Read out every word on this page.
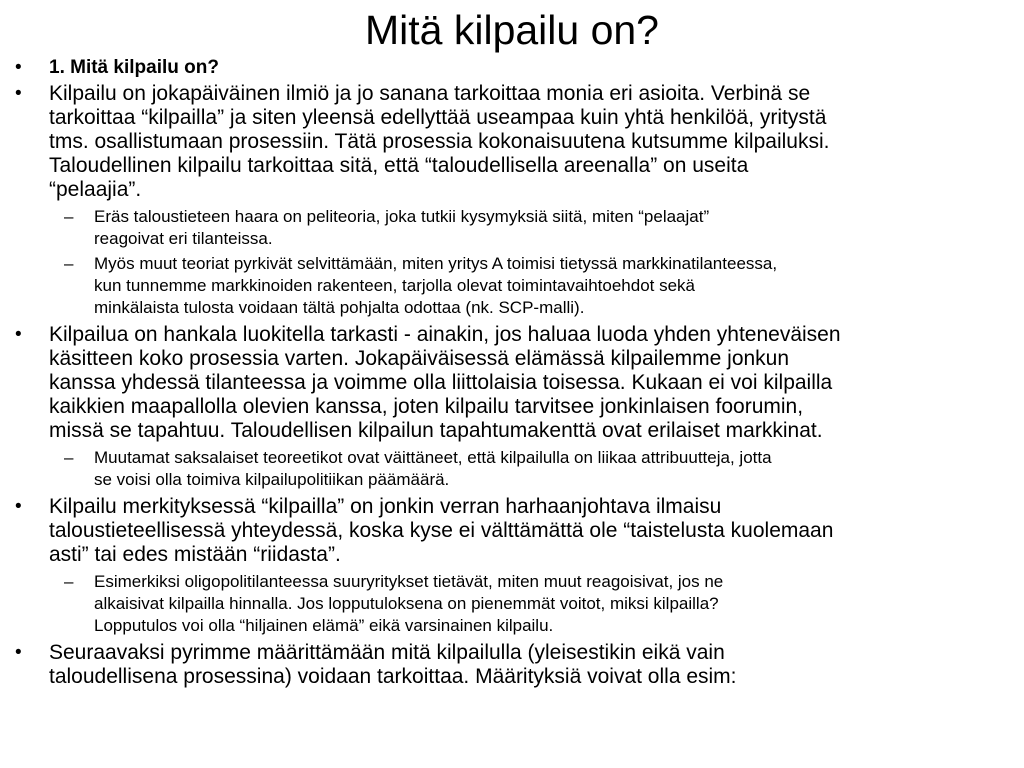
Mitä kilpailu on?
• 1. Mitä kilpailu on?
• Kilpailu on jokapäiväinen ilmiö ja jo sanana tarkoittaa monia eri asioita. Verbinä se
tarkoittaa “kilpailla” ja siten yleensä edellyttää useampaa kuin yhtä henkilöä, yritystä
tms. osallistumaan prosessiin. Tätä prosessia kokonaisuutena kutsumme kilpailuksi.
Taloudellinen kilpailu tarkoittaa sitä, että “taloudellisella areenalla” on useita
“pelaajia”.
– Eräs taloustieteen haara on peliteoria, joka tutkii kysymyksiä siitä, miten “pelaajat”
reagoivat eri tilanteissa.
– Myös muut teoriat pyrkivät selvittämään, miten yritys A toimisi tietyssä markkinatilanteessa,
kun tunnemme markkinoiden rakenteen, tarjolla olevat toimintavaihtoehdot sekä
minkälaista tulosta voidaan tältä pohjalta odottaa (nk. SCP-malli).
• Kilpailua on hankala luokitella tarkasti - ainakin, jos haluaa luoda yhden yhteneväisen
käsitteen koko prosessia varten. Jokapäiväisessä elämässä kilpailemme jonkun
kanssa yhdessä tilanteessa ja voimme olla liittolaisia toisessa. Kukaan ei voi kilpailla
kaikkien maapallolla olevien kanssa, joten kilpailu tarvitsee jonkinlaisen foorumin,
missä se tapahtuu. Taloudellisen kilpailun tapahtumakenttä ovat erilaiset markkinat.
– Muutamat saksalaiset teoreetikot ovat väittäneet, että kilpailulla on liikaa attribuutteja, jotta
se voisi olla toimiva kilpailupolitiikan päämäärä.
• Kilpailu merkityksessä “kilpailla” on jonkin verran harhaanjohtava ilmaisu
taloustieteellisessä yhteydessä, koska kyse ei välttämättä ole “taistelusta kuolemaan
asti” tai edes mistään “riidasta”.
– Esimerkiksi oligopolitilanteessa suuryritykset tietävät, miten muut reagoisivat, jos ne
alkaisivat kilpailla hinnalla. Jos lopputuloksena on pienemmät voitot, miksi kilpailla?
Lopputulos voi olla “hiljainen elämä” eikä varsinainen kilpailu.
• Seuraavaksi pyrimme määrittämään mitä kilpailulla (yleisestikin eikä vain
taloudellisena prosessina) voidaan tarkoittaa. Määrityksiä voivat olla esim:
